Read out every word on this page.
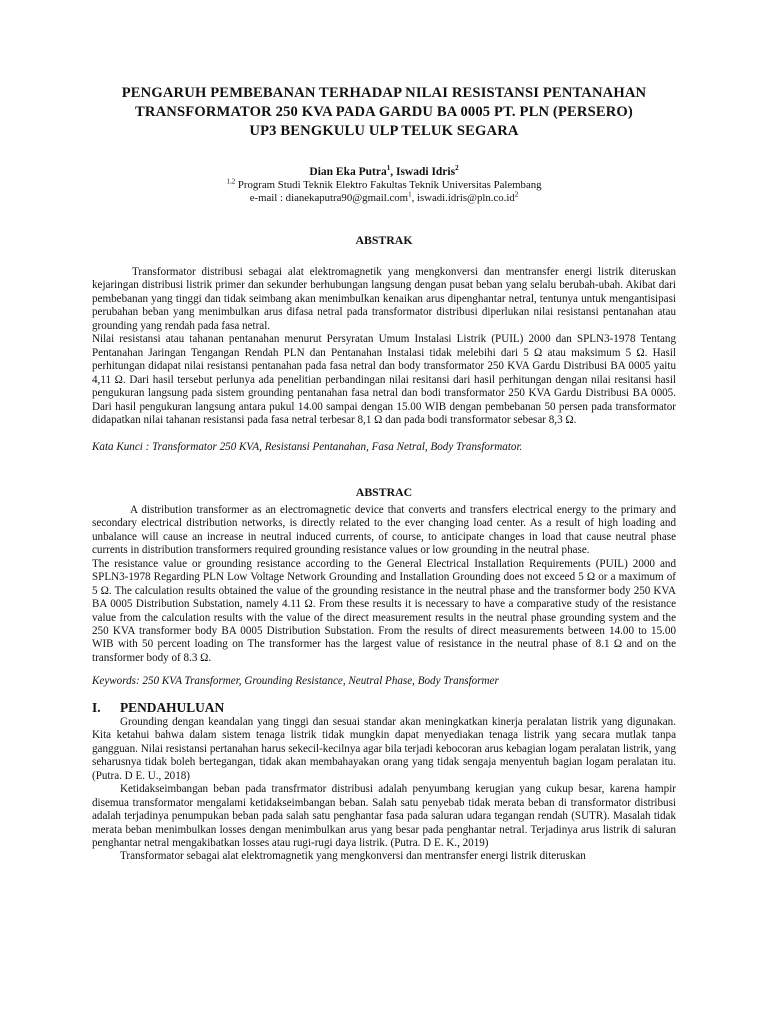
PENGARUH PEMBEBANAN TERHADAP NILAI RESISTANSI PENTANAHAN
TRANSFORMATOR 250 KVA PADA GARDU BA 0005 PT. PLN (PERSERO)
UP3 BENGKULU ULP TELUK SEGARA
Dian Eka Putra$^1$, Iswadi Idris$^2$
$^{1,2}$ Program Studi Teknik Elektro Fakultas Teknik Universitas Palembang
e-mail : dianekaputra90@gmail.com$^1$, $iswadi.idris@pln.co.id^2$
ABSTRAK

Transformator distribusi sebagai alat elektromagnetik yang mengkonversi dan mentransfer energi listrik diteruskan kejaringan distribusi listrik primer dan sekunder berhubungan langsung dengan pusat beban yang selalu berubah-ubah. Akibat dari pembebanan yang tinggi dan tidak seimbang akan menimbulkan kenaikan arus dipenghantar netral, tentunya untuk mengantisipasi perubahan beban yang menimbulkan arus difasa netral pada transformator distribusi diperlukan nilai resistansi pentanahan atau grounding yang rendah pada fasa netral.

Nilai resistansi atau tahanan pentanahan menurut Persyratan Umum Instalasi Listrik (PUIL) 2000 dan SPLN3-1978 Tentang Pentanahan Jaringan Tengangan Rendah PLN dan Pentanahan Instalasi tidak melebihi dari 5 Ω atau maksimum 5 Ω. Hasil perhitungan didapat nilai resistansi pentanahan pada fasa netral dan body transformator 250 KVA Gardu Distribusi BA 0005 yaitu 4,11 Ω. Dari hasil tersebut perlunya ada penelitian perbandingan nilai resitansi dari hasil perhitungan dengan nilai resitansi hasil pengukuran langsung pada sistem grounding pentanahan fasa netral dan bodi transformator 250 KVA Gardu Distribusi BA 0005. Dari hasil pengukuran langsung antara pukul 14.00 sampai dengan 15.00 WIB dengan pembebanan 50 persen pada transformator didapatkan nilai tahanan resistansi pada fasa netral terbesar 8,1 Ω dan pada bodi transformator sebesar 8,3 Ω.

Kata Kunci : Transformator 250 KVA, Resistansi Pentanahan, Fasa Netral, Body Transformator.

ABSTRAC

A distribution transformer as an electromagnetic device that converts and transfers electrical energy to the primary and secondary electrical distribution networks, is directly related to the ever changing load center. As a result of high loading and unbalance will cause an increase in neutral induced currents, of course, to anticipate changes in load that cause neutral phase currents in distribution transformers required grounding resistance values or low grounding in the neutral phase.

The resistance value or grounding resistance according to the General Electrical Installation Requirements (PUIL) 2000 and SPLN3-1978 Regarding PLN Low Voltage Network Grounding and Installation Grounding does not exceed 5 Ω or a maximum of 5 Ω. The calculation results obtained the value of the grounding resistance in the neutral phase and the transformer body 250 KVA BA 0005 Distribution Substation, namely 4.11 Ω. From these results it is necessary to have a comparative study of the resistance value from the calculation results with the value of the direct measurement results in the neutral phase grounding system and the 250 KVA transformer body BA 0005 Distribution Substation. From the results of direct measurements between 14.00 to 15.00 WIB with 50 percent loading on The transformer has the largest value of resistance in the neutral phase of 8.1 Ω and on the transformer body of 8.3 Ω.

Keywords: 250 KVA Transformer, Grounding Resistance, Neutral Phase, Body Transformer

I.	PENDAHULUAN

Grounding dengan keandalan yang tinggi dan sesuai standar akan meningkatkan kinerja peralatan listrik yang digunakan. Kita ketahui bahwa dalam sistem tenaga listrik tidak mungkin dapat menyediakan tenaga listrik yang secara mutlak tanpa gangguan. Nilai resistansi pertanahan harus sekecil-kecilnya agar bila terjadi kebocoran arus kebagian logam peralatan listrik, yang seharusnya tidak boleh bertegangan, tidak akan membahayakan orang yang tidak sengaja menyentuh bagian logam peralatan itu. (Putra. D E. U., 2018)

Ketidakseimbangan beban pada transfrmator distribusi adalah penyumbang kerugian yang cukup besar, karena hampir disemua transformator mengalami ketidakseimbangan beban. Salah satu penyebab tidak merata beban di transformator distribusi adalah terjadinya penumpukan beban pada salah satu penghantar fasa pada saluran udara tegangan rendah (SUTR). Masalah tidak merata beban menimbulkan losses dengan menimbulkan arus yang besar pada penghantar netral. Terjadinya arus listrik di saluran penghantar netral mengakibatkan losses atau rugi-rugi daya listrik. (Putra. D E. K., 2019)

Transformator sebagai alat elektromagnetik yang mengkonversi dan mentransfer energi listrik diteruskan
